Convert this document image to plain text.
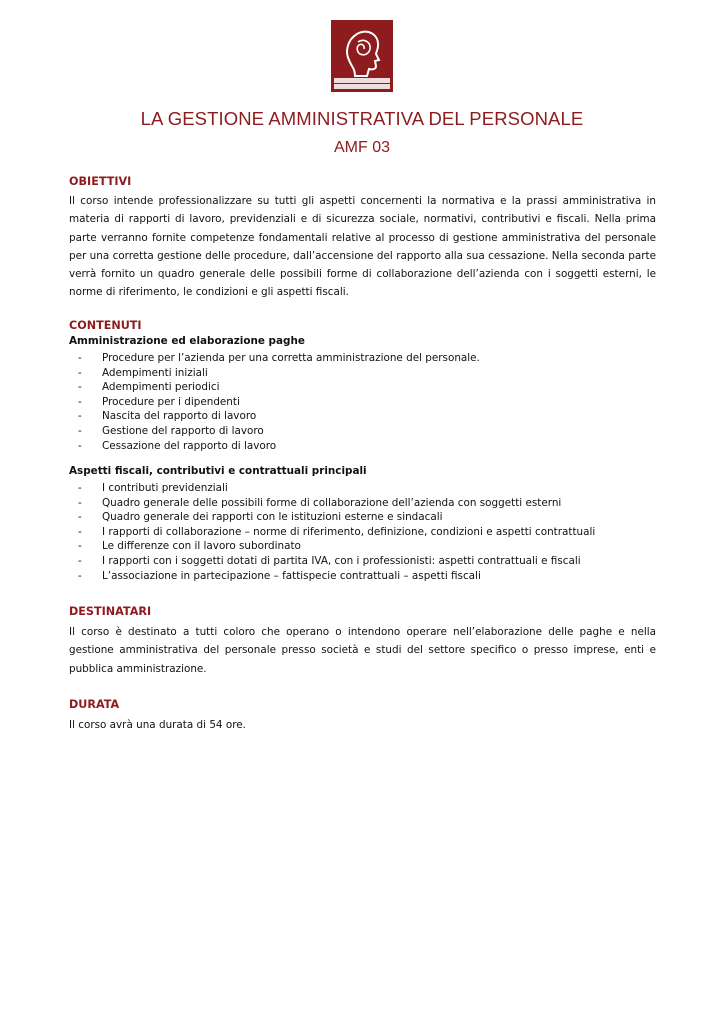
LA GESTIONE AMMINISTRATIVA DEL PERSONALE
AMF 03
OBIETTIVI

Il corso intende professionalizzare su tutti gli aspetti concernenti la normativa e la prassi amministrativa in materia di rapporti di lavoro, previdenziali e di sicurezza sociale, normativi, contributivi e fiscali. Nella prima parte verranno fornite competenze fondamentali relative al processo di gestione amministrativa del personale per una corretta gestione delle procedure, dall’accensione del rapporto alla sua cessazione. Nella seconda parte verrà fornito un quadro generale delle possibili forme di collaborazione dell’azienda con i soggetti esterni, le norme di riferimento, le condizioni e gli aspetti fiscali.

CONTENUTI
Amministrazione ed elaborazione paghe
- Procedure per l’azienda per una corretta amministrazione del personale.
- Adempimenti iniziali
- Adempimenti periodici
- Procedure per i dipendenti
- Nascita del rapporto di lavoro
- Gestione del rapporto di lavoro
- Cessazione del rapporto di lavoro
Aspetti fiscali, contributivi e contrattuali principali
- I contributi previdenziali
- Quadro generale delle possibili forme di collaborazione dell’azienda con soggetti esterni
- Quadro generale dei rapporti con le istituzioni esterne e sindacali
- I rapporti di collaborazione – norme di riferimento, definizione, condizioni e aspetti contrattuali
- Le differenze con il lavoro subordinato
- I rapporti con i soggetti dotati di partita IVA, con i professionisti: aspetti contrattuali e fiscali
- L’associazione in partecipazione – fattispecie contrattuali – aspetti fiscali
DESTINATARI

Il corso è destinato a tutti coloro che operano o intendono operare nell’elaborazione delle paghe e nella gestione amministrativa del personale presso società e studi del settore specifico o presso imprese, enti e pubblica amministrazione.

DURATA

Il corso avrà una durata di 54 ore.
